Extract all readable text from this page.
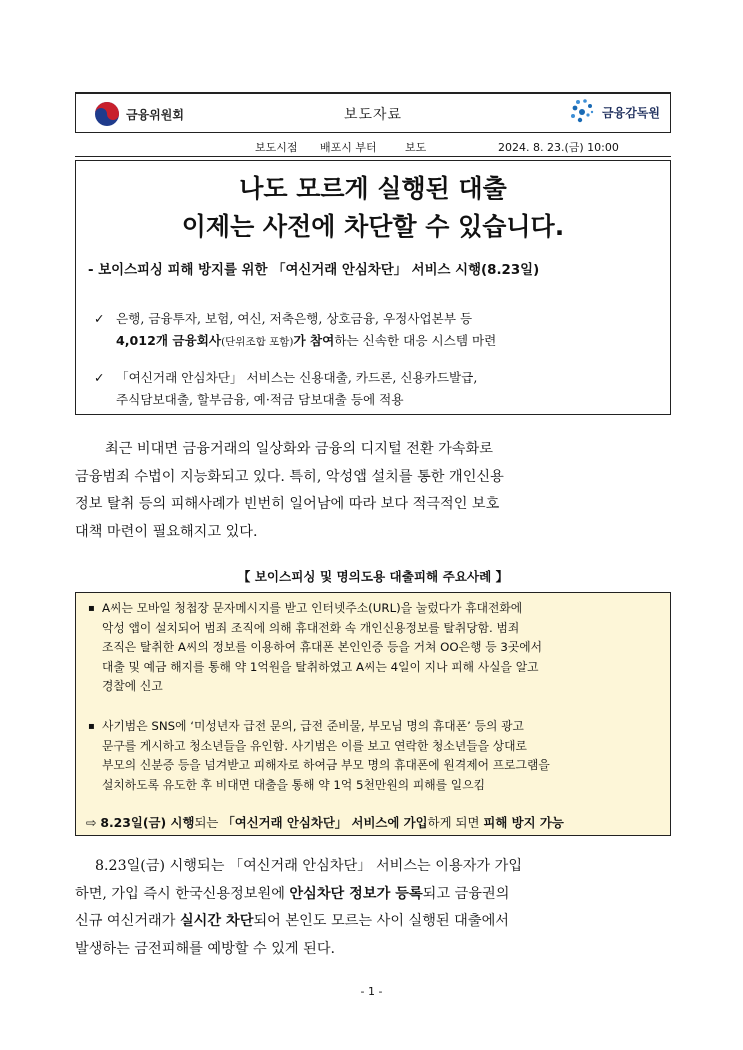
금융위원회	보도자료	금융감독원
보도시점 배포시 부터	보도	2024. 8. 23.(금) 10:00
나도 모르게 실행된 대출
이제는 사전에 차단할 수 있습니다.
- 보이스피싱 피해 방지를 위한 「여신거래 안심차단」 서비스 시행(8.23일)
✓ 은행, 금융투자, 보험, 여신, 저축은행, 상호금융, 우정사업본부 등
4,012개 금융회사(단위조합 포함)가 참여하는 신속한 대응 시스템 마련
✓ 「여신거래 안심차단」 서비스는 신용대출, 카드론, 신용카드발급,
주식담보대출, 할부금융, 예·적금 담보대출 등에 적용
최근 비대면 금융거래의 일상화와 금융의 디지털 전환 가속화로
금융범죄 수법이 지능화되고 있다. 특히, 악성앱 설치를 통한 개인신용
정보 탈취 등의 피해사례가 빈번히 일어남에 따라 보다 적극적인 보호
대책 마련이 필요해지고 있다.
【 보이스피싱 및 명의도용 대출피해 주요사례 】
▪ A씨는 모바일 청첩장 문자메시지를 받고 인터넷주소(URL)을 눌렀다가 휴대전화에
악성 앱이 설치되어 범죄 조직에 의해 휴대전화 속 개인신용정보를 탈취당함. 범죄
조직은 탈취한 A씨의 정보를 이용하여 휴대폰 본인인증 등을 거쳐 OO은행 등 3곳에서
대출 및 예금 해지를 통해 약 1억원을 탈취하였고 A씨는 4일이 지나 피해 사실을 알고
경찰에 신고
▪ 사기범은 SNS에 ‘미성년자 급전 문의, 급전 준비물, 부모님 명의 휴대폰’ 등의 광고
문구를 게시하고 청소년들을 유인함. 사기범은 이를 보고 연락한 청소년들을 상대로
부모의 신분증 등을 넘겨받고 피해자로 하여금 부모 명의 휴대폰에 원격제어 프로그램을
설치하도록 유도한 후 비대면 대출을 통해 약 1억 5천만원의 피해를 일으킴
⇨ 8.23일(금) 시행되는 「여신거래 안심차단」 서비스에 가입하게 되면 피해 방지 가능
8.23일(금) 시행되는 「여신거래 안심차단」 서비스는 이용자가 가입
하면, 가입 즉시 한국신용정보원에 안심차단 정보가 등록되고 금융권의
신규 여신거래가 실시간 차단되어 본인도 모르는 사이 실행된 대출에서
발생하는 금전피해를 예방할 수 있게 된다.
- 1 -
